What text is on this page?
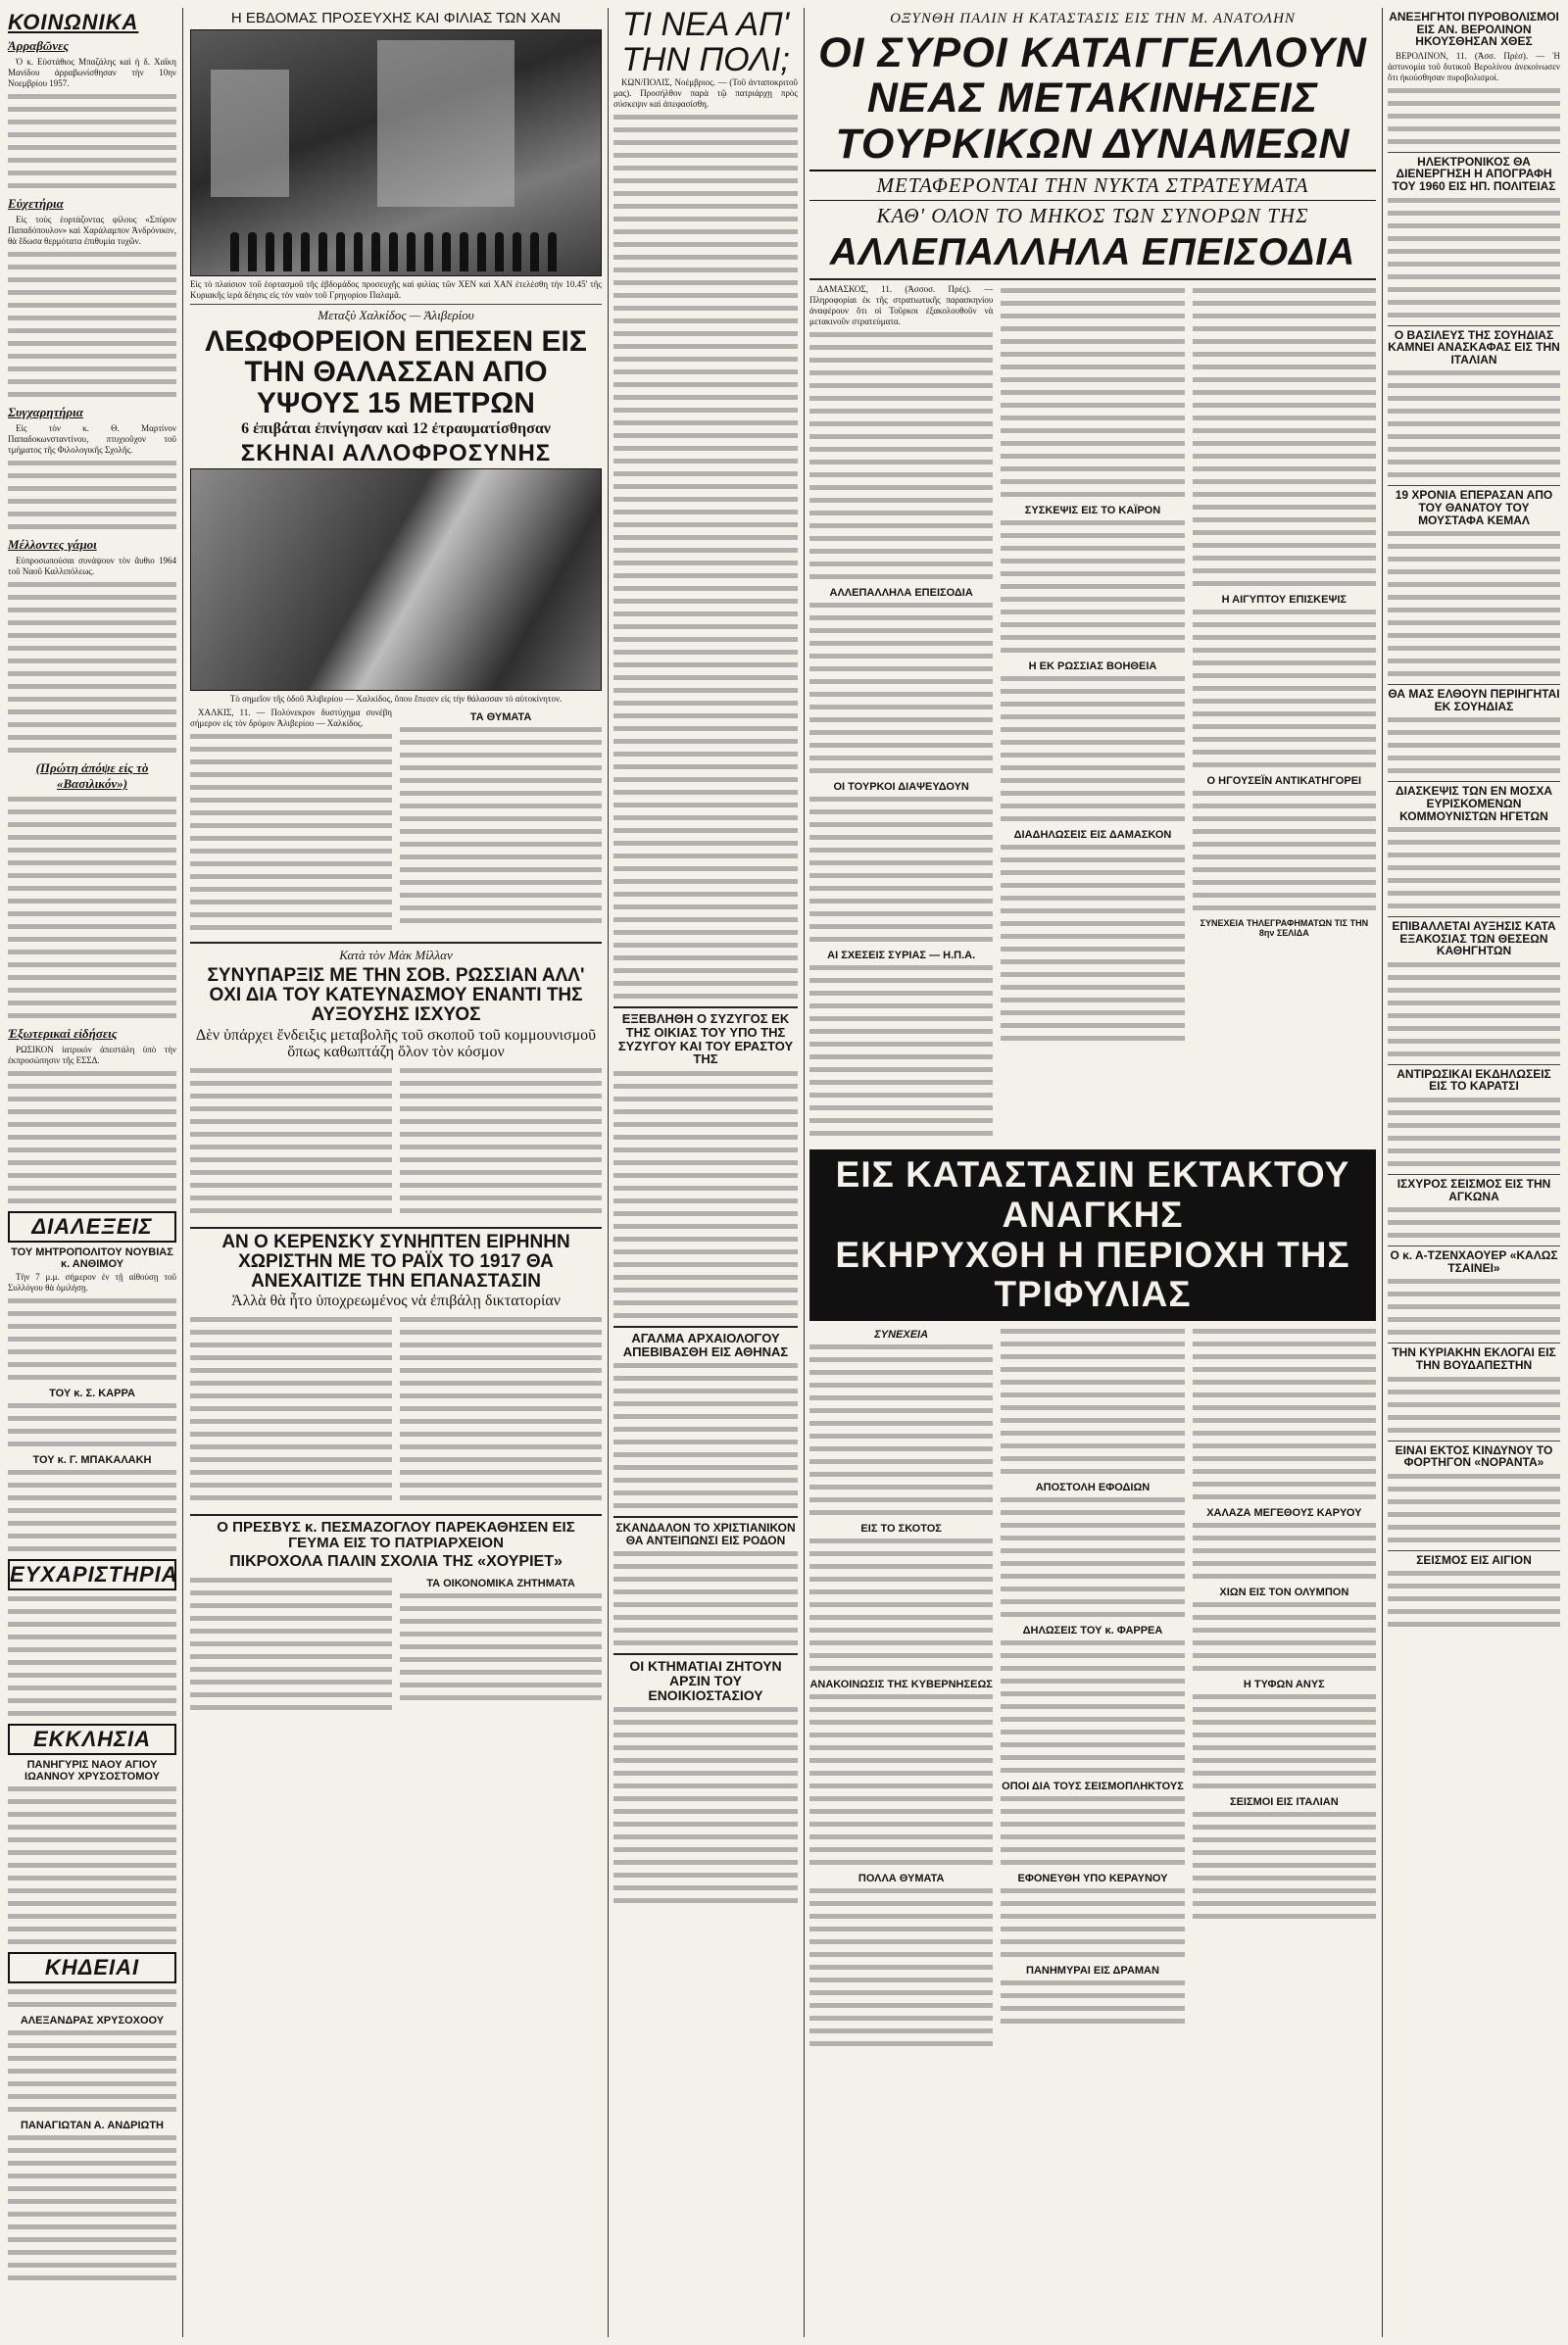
ΚΟΙΝΩΝΙΚΑ
Ἀρραβῶνες

Ὁ κ. Εὐστάθιος Μπαζάλης καὶ ἡ δ. Χαΐκη Μανίδου ἀρραβωνίσθησαν τὴν 10ην Νοεμβρίου 1957.

Εὐχετήρια

Εἰς τοὺς ἑορτάζοντας φίλους «Σπύρον Παπαδόπουλον» καὶ Χαράλαμπον Ἀνδρόνικον, θὰ ἔδωσα θερμότατα ἐπιθυμία τυχῶν.

Συγχαρητήρια

Εἰς τὸν κ. Θ. Μαρτίνον Παπαδοκωνσταντίνου, πτυχιοῦχον τοῦ τμήματος τῆς Φιλολογικῆς Σχολῆς.

Μέλλοντες γάμοι

Εὐπροσωπούσαι συνάψουν τὸν ἄυθιο 1964 τοῦ Ναοῦ Καλλιπόλεως.

(Πρώτη ἀπόψε εἰς τὸ «Βασιλικόν»)
Ἐξωτερικαὶ εἰδήσεις

ΡΩΣΙΚΟΝ ἰατρικόν ἀπεστάλη ὑπὸ τὴν ἐκπροσώπησιν τῆς ΕΣΣΔ.

ΔΙΑΛΕΞΕΙΣ
ΤΟΥ ΜΗΤΡΟΠΟΛΙΤΟΥ ΝΟΥΒΙΑΣ κ. ΑΝΘΙΜΟΥ

Τὴν 7 μ.μ. σήμερον ἐν τῇ αἰθούσῃ τοῦ Συλλόγου θὰ ὁμιλήσῃ.

ΤΟΥ κ. Σ. ΚΑΡΡΑ
ΤΟΥ κ. Γ. ΜΠΑΚΑΛΑΚΗ
ΕΥΧΑΡΙΣΤΗΡΙΑ
ΕΚΚΛΗΣΙΑ
ΠΑΝΗΓΥΡΙΣ ΝΑΟΥ ΑΓΙΟΥ ΙΩΑΝΝΟΥ ΧΡΥΣΟΣΤΟΜΟΥ
ΚΗΔΕΙΑΙ
ΑΛΕΞΑΝΔΡΑΣ ΧΡΥΣΟΧΟΟΥ
ΠΑΝΑΓΙΩΤΑΝ Α. ΑΝΔΡΙΩΤΗ
Η ΕΒΔΟΜΑΣ ΠΡΟΣΕΥΧΗΣ ΚΑΙ ΦΙΛΙΑΣ ΤΩΝ ΧΑΝ
Εἰς τὸ πλαίσιον τοῦ ἑορτασμοῦ τῆς ἑβδομάδος προσευχῆς καὶ φιλίας τῶν ΧΕΝ καὶ ΧΑΝ ἐτελέσθη τὴν 10.45' τῆς Κυριακῆς ἱερὰ δέησις εἰς τὸν ναὸν τοῦ Γρηγορίου Παλαμᾶ.
Μεταξὺ Χαλκίδος — Ἀλιβερίου
ΛΕΩΦΟΡΕΙΟΝ ΕΠΕΣΕΝ ΕΙΣ ΤΗΝ ΘΑΛΑΣΣΑΝ ΑΠΟ ΥΨΟΥΣ 15 ΜΕΤΡΩΝ
6 ἐπιβάται ἐπνίγησαν καὶ 12 ἐτραυματίσθησαν
ΣΚΗΝΑΙ ΑΛΛΟΦΡΟΣΥΝΗΣ
Τὸ σημεῖον τῆς ὁδοῦ Ἀλιβερίου — Χαλκίδος, ὅπου ἔπεσεν εἰς τὴν θάλασσαν τὸ αὐτοκίνητον.

ΧΑΛΚΙΣ, 11. — Πολύνεκρον δυστύχημα συνέβη σήμερον εἰς τὸν δρόμον Ἀλιβερίου — Χαλκίδος.	ΤΑ ΘΥΜΑΤΑ
Κατὰ τὸν Μὰκ Μίλλαν
ΣΥΝΥΠΑΡΞΙΣ ΜΕ ΤΗΝ ΣΟΒ. ΡΩΣΣΙΑΝ ΑΛΛ' ΟΧΙ ΔΙΑ ΤΟΥ ΚΑΤΕΥΝΑΣΜΟΥ ΕΝΑΝΤΙ ΤΗΣ ΑΥΞΟΥΣΗΣ ΙΣΧΥΟΣ
Δὲν ὑπάρχει ἔνδειξις μεταβολῆς τοῦ σκοποῦ τοῦ κομμουνισμοῦ ὅπως καθωπτάζη ὅλον τὸν κόσμον
ΑΝ Ο ΚΕΡΕΝΣΚΥ ΣΥΝΗΠΤΕΝ ΕΙΡΗΝΗΝ ΧΩΡΙΣΤΗΝ ΜΕ ΤΟ ΡΑΪΧ ΤΟ 1917 ΘΑ ΑΝΕΧΑΙΤΙΖΕ ΤΗΝ ΕΠΑΝΑΣΤΑΣΙΝ
Ἀλλὰ θὰ ἦτο ὑποχρεωμένος νὰ ἐπιβάλῃ δικτατορίαν
Ο ΠΡΕΣΒΥΣ κ. ΠΕΣΜΑΖΟΓΛΟΥ ΠΑΡΕΚΑΘΗΣΕΝ ΕΙΣ ΓΕΥΜΑ ΕΙΣ ΤΟ ΠΑΤΡΙΑΡΧΕΙΟΝ
ΠΙΚΡΟΧΟΛΑ ΠΑΛΙΝ ΣΧΟΛΙΑ ΤΗΣ «ΧΟΥΡΙΕΤ»
ΤΑ ΟΙΚΟΝΟΜΙΚΑ ΖΗΤΗΜΑΤΑ
ΤΙ ΝΕΑ ΑΠ' ΤΗΝ ΠΟΛΙ;

ΚΩΝ/ΠΟΛΙΣ, Νοέμβριος. — (Τοῦ ἀνταποκριτοῦ μας). Προσήλθον παρὰ τῷ πατριάρχῃ πρὸς σύσκεψιν καὶ ἀπεφασίσθη.

ΕΞΕΒΛΗΘΗ Ο ΣΥΖΥΓΟΣ ΕΚ ΤΗΣ ΟΙΚΙΑΣ ΤΟΥ ΥΠΟ ΤΗΣ ΣΥΖΥΓΟΥ ΚΑΙ ΤΟΥ ΕΡΑΣΤΟΥ ΤΗΣ
ΑΓΑΛΜΑ ΑΡΧΑΙΟΛΟΓΟΥ ΑΠΕΒΙΒΑΣΘΗ ΕΙΣ ΑΘΗΝΑΣ
ΣΚΑΝΔΑΛΟΝ ΤΟ ΧΡΙΣΤΙΑΝΙΚΟΝ ΘΑ ΑΝΤΕΙΠΩΝΣΙ ΕΙΣ ΡΟΔΟΝ
ΟΙ ΚΤΗΜΑΤΙΑΙ ΖΗΤΟΥΝ ΑΡΣΙΝ ΤΟΥ ΕΝΟΙΚΙΟΣΤΑΣΙΟΥ
ΟΞΥΝΘΗ ΠΑΛΙΝ Η ΚΑΤΑΣΤΑΣΙΣ ΕΙΣ ΤΗΝ Μ. ΑΝΑΤΟΛΗΝ
ΟΙ ΣΥΡΟΙ ΚΑΤΑΓΓΕΛΛΟΥΝ ΝΕΑΣ ΜΕΤΑΚΙΝΗΣΕΙΣ ΤΟΥΡΚΙΚΩΝ ΔΥΝΑΜΕΩΝ
ΜΕΤΑΦΕΡΟΝΤΑΙ ΤΗΝ ΝΥΚΤΑ ΣΤΡΑΤΕΥΜΑΤΑ
ΚΑΘ' ΟΛΟΝ ΤΟ ΜΗΚΟΣ ΤΩΝ ΣΥΝΟΡΩΝ ΤΗΣ
ΑΛΛΕΠΑΛΛΗΛΑ ΕΠΕΙΣΟΔΙΑ

ΔΑΜΑΣΚΟΣ, 11. (Ἀσσοσ. Πρές). — Πληροφορίαι ἐκ τῆς στρατιωτικῆς παρασκηνίου ἀναφέρουν ὅτι οἱ Τοῦρκοι ἐξακολουθοῦν νὰ μετακινοῦν στρατεύματα.

ΑΛΛΕΠΑΛΛΗΛΑ ΕΠΕΙΣΟΔΙΑ
ΟΙ ΤΟΥΡΚΟΙ ΔΙΑΨΕΥΔΟΥΝ
ΑΙ ΣΧΕΣΕΙΣ ΣΥΡΙΑΣ — Η.Π.Α.
ΣΥΣΚΕΨΙΣ ΕΙΣ ΤΟ ΚΑΪΡΟΝ
Η ΕΚ ΡΩΣΣΙΑΣ ΒΟΗΘΕΙΑ
ΔΙΑΔΗΛΩΣΕΙΣ ΕΙΣ ΔΑΜΑΣΚΟΝ
Η ΑΙΓΥΠΤΟΥ ΕΠΙΣΚΕΨΙΣ
Ο ΗΓΟΥΣΕΪΝ ΑΝΤΙΚΑΤΗΓΟΡΕΙ
ΣΥΝΕΧΕΙΑ ΤΗΛΕΓΡΑΦΗΜΑΤΩΝ ΤΙΣ ΤΗΝ 8ην ΣΕΛΙΔΑ
ΕΙΣ ΚΑΤΑΣΤΑΣΙΝ ΕΚΤΑΚΤΟΥ ΑΝΑΓΚΗΣ
ΕΚΗΡΥΧΘΗ Η ΠΕΡΙΟΧΗ ΤΗΣ ΤΡΙΦΥΛΙΑΣ
ΣΥΝΕΧΕΙΑ
ΕΙΣ ΤΟ ΣΚΟΤΟΣ
ΑΝΑΚΟΙΝΩΣΙΣ ΤΗΣ ΚΥΒΕΡΝΗΣΕΩΣ
ΠΟΛΛΑ ΘΥΜΑΤΑ
ΑΠΟΣΤΟΛΗ ΕΦΟΔΙΩΝ
ΔΗΛΩΣΕΙΣ ΤΟΥ κ. ΦΑΡΡΕΑ
ΟΠΟΙ ΔΙΑ ΤΟΥΣ ΣΕΙΣΜΟΠΛΗΚΤΟΥΣ
ΕΦΟΝΕΥΘΗ ΥΠΟ ΚΕΡΑΥΝΟΥ
ΠΑΝΗΜΥΡΑΙ ΕΙΣ ΔΡΑΜΑΝ
ΧΑΛΑΖΑ ΜΕΓΕΘΟΥΣ ΚΑΡΥΟΥ
ΧΙΩΝ ΕΙΣ ΤΟΝ ΟΛΥΜΠΟΝ
Η ΤΥΦΩΝ ΑΝΥΣ
ΣΕΙΣΜΟΙ ΕΙΣ ΙΤΑΛΙΑΝ
ΑΝΕΞΗΓΗΤΟΙ ΠΥΡΟΒΟΛΙΣΜΟΙ ΕΙΣ ΑΝ. ΒΕΡΟΛΙΝΟΝ ΗΚΟΥΣΘΗΣΑΝ ΧΘΕΣ

ΒΕΡΟΛΙΝΟΝ, 11. (Ἀσσ. Πρέσ). — Ἡ ἀστυνομία τοῦ δυτικοῦ Βερολίνου ἀνεκοίνωσεν ὅτι ἠκούσθησαν πυροβολισμοί.

ΗΛΕΚΤΡΟΝΙΚΟΣ ΘΑ ΔΙΕΝΕΡΓΗΣΗ Η ΑΠΟΓΡΑΦΗ ΤΟΥ 1960 ΕΙΣ ΗΠ. ΠΟΛΙΤΕΙΑΣ
Ο ΒΑΣΙΛΕΥΣ ΤΗΣ ΣΟΥΗΔΙΑΣ ΚΑΜΝΕΙ ΑΝΑΣΚΑΦΑΣ ΕΙΣ ΤΗΝ ΙΤΑΛΙΑΝ
19 ΧΡΟΝΙΑ ΕΠΕΡΑΣΑΝ ΑΠΟ ΤΟΥ ΘΑΝΑΤΟΥ ΤΟΥ ΜΟΥΣΤΑΦΑ ΚΕΜΑΛ
ΘΑ ΜΑΣ ΕΛΘΟΥΝ ΠΕΡΙΗΓΗΤΑΙ ΕΚ ΣΟΥΗΔΙΑΣ
ΔΙΑΣΚΕΨΙΣ ΤΩΝ ΕΝ ΜΟΣΧΑ ΕΥΡΙΣΚΟΜΕΝΩΝ ΚΟΜΜΟΥΝΙΣΤΩΝ ΗΓΕΤΩΝ
ΕΠΙΒΑΛΛΕΤΑΙ ΑΥΞΗΣΙΣ ΚΑΤΑ ΕΞΑΚΟΣΙΑΣ ΤΩΝ ΘΕΣΕΩΝ ΚΑΘΗΓΗΤΩΝ
ΑΝΤΙΡΩΣΙΚΑΙ ΕΚΔΗΛΩΣΕΙΣ ΕΙΣ ΤΟ ΚΑΡΑΤΣΙ
ΙΣΧΥΡΟΣ ΣΕΙΣΜΟΣ ΕΙΣ ΤΗΝ ΑΓΚΩΝΑ
Ο κ. Α-ΤΖΕΝΧΑΟΥΕΡ «ΚΑΛΩΣ ΤΣΑΙΝΕΙ»
ΤΗΝ ΚΥΡΙΑΚΗΝ ΕΚΛΟΓΑΙ ΕΙΣ ΤΗΝ ΒΟΥΔΑΠΕΣΤΗΝ
ΕΙΝΑΙ ΕΚΤΟΣ ΚΙΝΔΥΝΟΥ ΤΟ ΦΟΡΤΗΓΟΝ «ΝΟΡΑΝΤΑ»
ΣΕΙΣΜΟΣ ΕΙΣ ΑΙΓΙΟΝ
